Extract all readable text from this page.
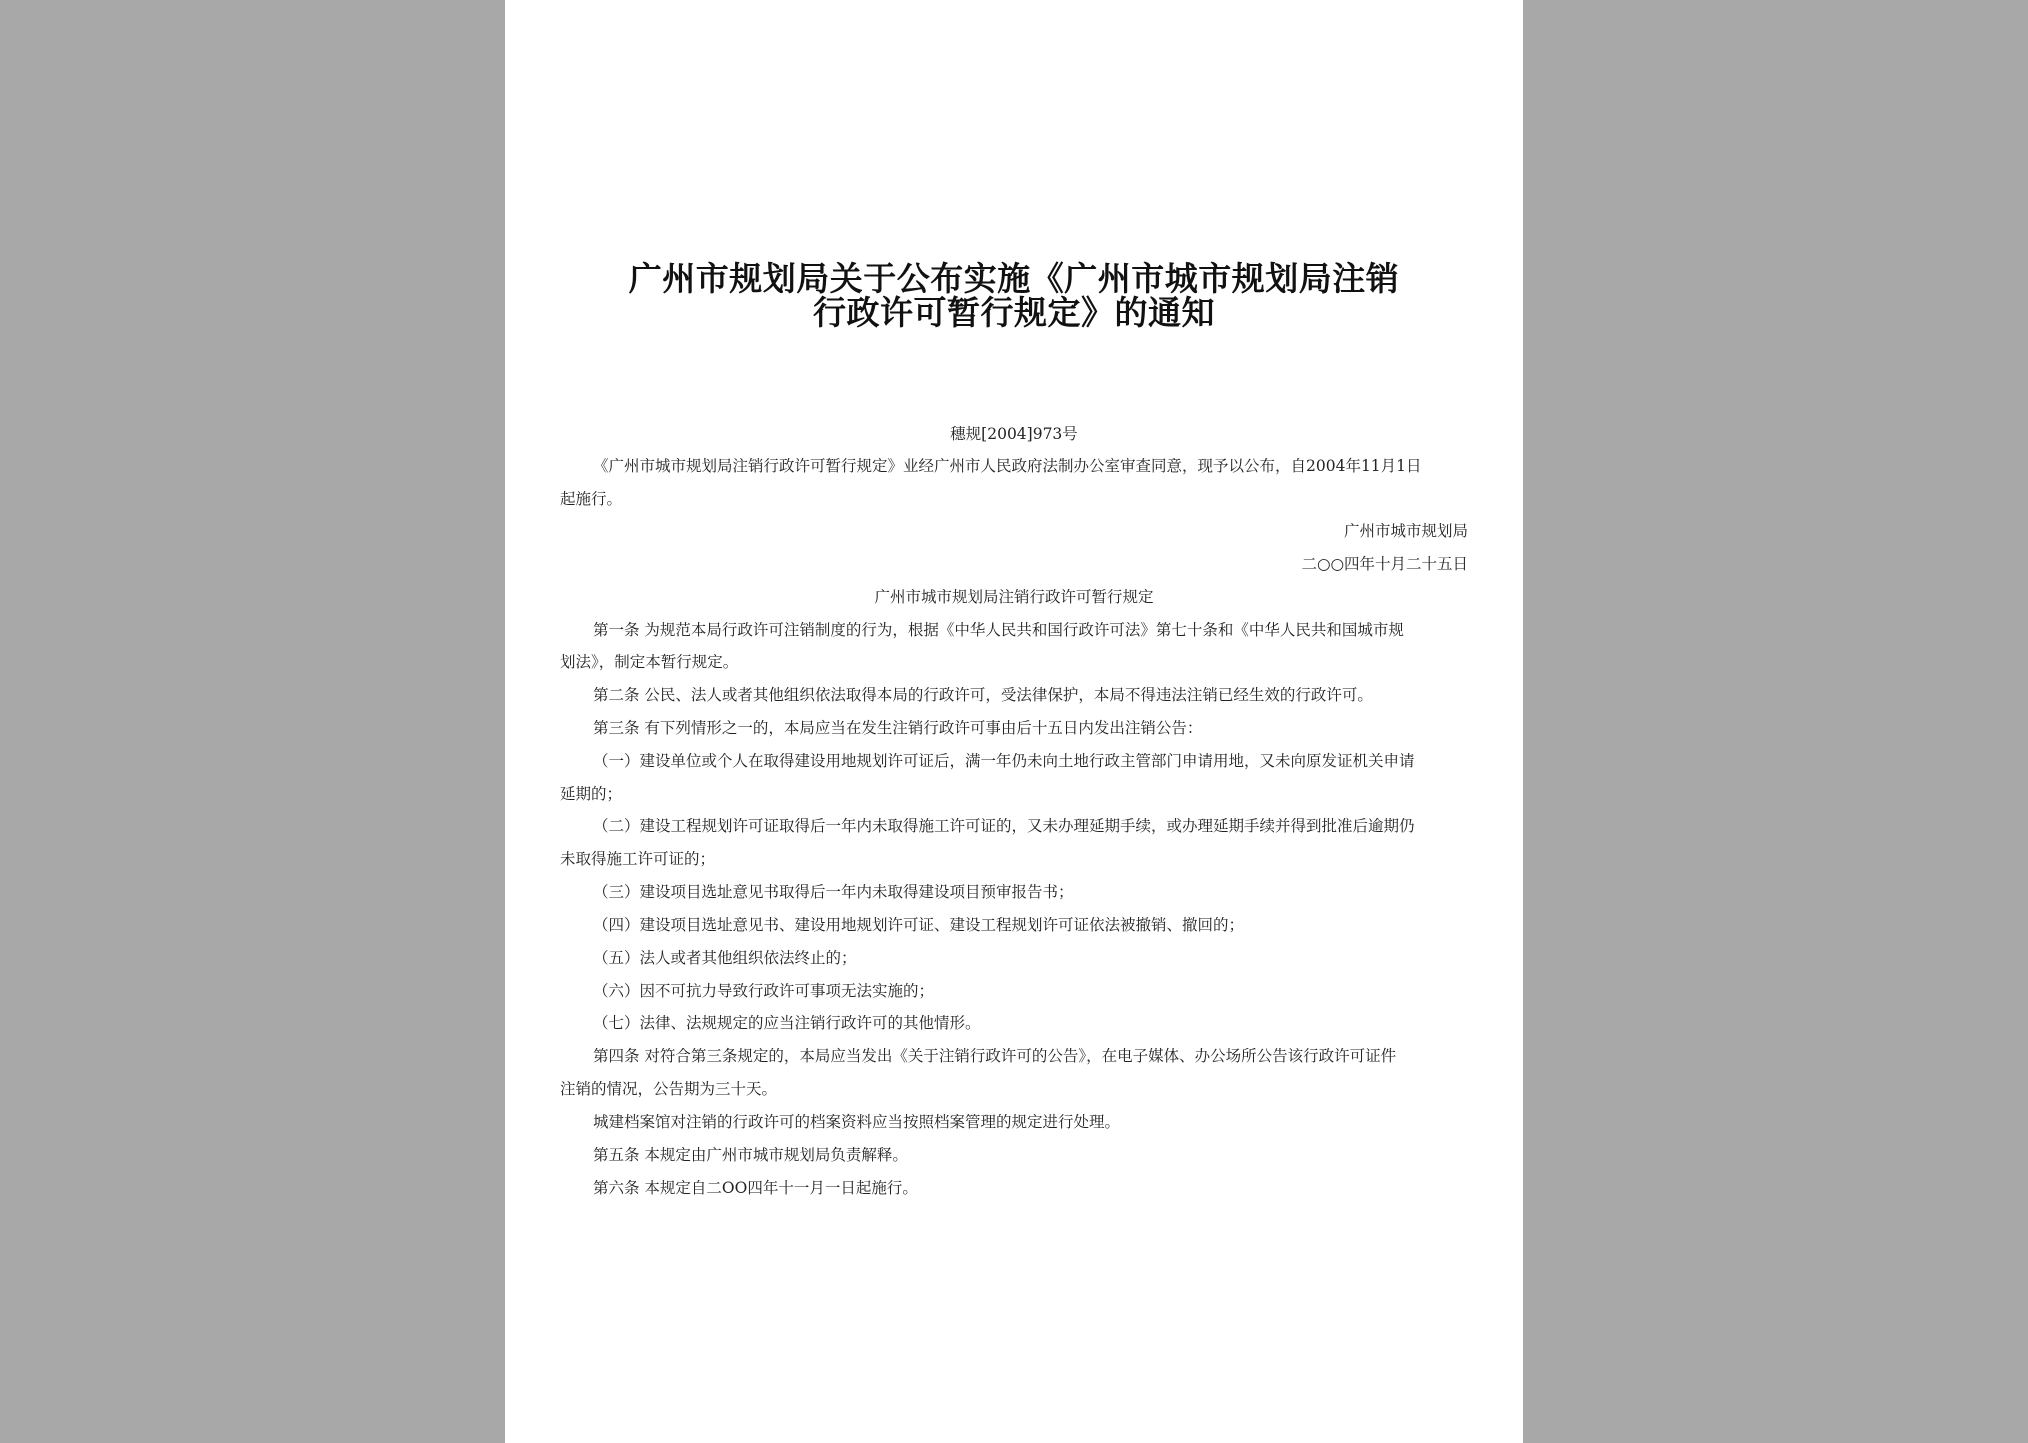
广州市规划局关于公布实施《广州市城市规划局注销
行政许可暂行规定》的通知
穗规[2004]973号
《广州市城市规划局注销行政许可暂行规定》业经广州市人民政府法制办公室审查同意，现予以公布，自2004年11月1日
起施行。
广州市城市规划局
二○○四年十月二十五日
广州市城市规划局注销行政许可暂行规定
第一条 为规范本局行政许可注销制度的行为，根据《中华人民共和国行政许可法》第七十条和《中华人民共和国城市规
划法》，制定本暂行规定。
第二条 公民、法人或者其他组织依法取得本局的行政许可，受法律保护，本局不得违法注销已经生效的行政许可。
第三条 有下列情形之一的，本局应当在发生注销行政许可事由后十五日内发出注销公告：
（一）建设单位或个人在取得建设用地规划许可证后，满一年仍未向土地行政主管部门申请用地，又未向原发证机关申请
延期的；
（二）建设工程规划许可证取得后一年内未取得施工许可证的，又未办理延期手续，或办理延期手续并得到批准后逾期仍
未取得施工许可证的；
（三）建设项目选址意见书取得后一年内未取得建设项目预审报告书；
（四）建设项目选址意见书、建设用地规划许可证、建设工程规划许可证依法被撤销、撤回的；
（五）法人或者其他组织依法终止的；
（六）因不可抗力导致行政许可事项无法实施的；
（七）法律、法规规定的应当注销行政许可的其他情形。
第四条 对符合第三条规定的，本局应当发出《关于注销行政许可的公告》，在电子媒体、办公场所公告该行政许可证件
注销的情况，公告期为三十天。
城建档案馆对注销的行政许可的档案资料应当按照档案管理的规定进行处理。
第五条 本规定由广州市城市规划局负责解释。
第六条 本规定自二OO四年十一月一日起施行。
